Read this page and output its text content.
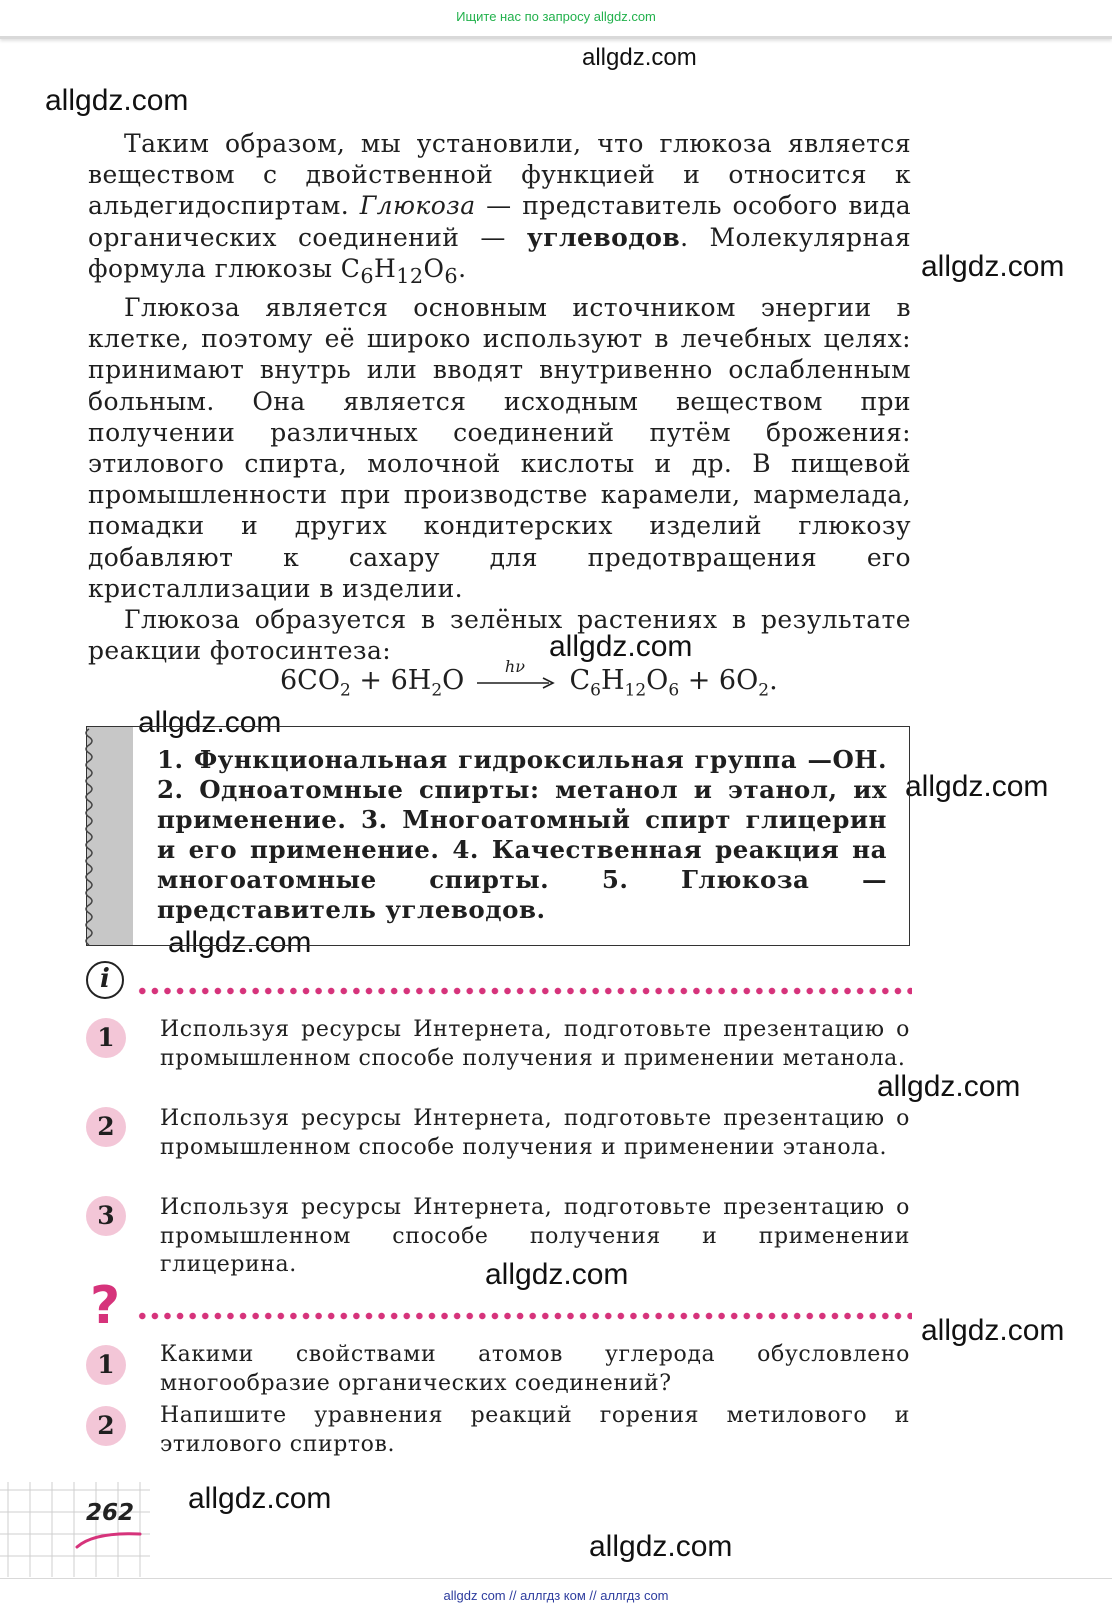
Ищите нас по запросу allgdz.com
allgdz.com
allgdz.com
allgdz.com
allgdz.com
allgdz.com
allgdz.com
allgdz.com
allgdz.com
allgdz.com
allgdz.com
allgdz.com
allgdz.com

Таким образом, мы установили, что глюкоза является веществом с двойственной функцией и относится к альдегидоспиртам. Глюкоза — представитель особого вида органических соединений — углеводов. Молекулярная формула глюкозы $C_6H_{12}O_6$.

Глюкоза является основным источником энергии в клетке, поэтому её широко используют в лечебных целях: принимают внутрь или вводят внутривенно ослабленным больным. Она является исходным веществом при получении различных соединений путём брожения: этилового спирта, молочной кислоты и др. В пищевой промышленности при производстве карамели, мармелада, помадки и других кондитерских изделий глюкозу добавляют к сахару для предотвращения его кристаллизации в изделии.

Глюкоза образуется в зелёных растениях в результате реакции фотосинтеза:

$6CO_2 + 6H_2O$	hν $C_6H_{12}O_6 + 6O_2$.
1. Функциональная гидроксильная группа —OH. 2. Одноатомные спирты: метанол и этанол, их применение. 3. Многоатомный спирт глицерин и его применение. 4. Качественная реакция на многоатомные спирты. 5. Глюкоза — представитель углеводов.
i
1	Используя ресурсы Интернета, подготовьте презентацию о промышленном способе получения и применении метанола.
2	Используя ресурсы Интернета, подготовьте презентацию о промышленном способе получения и применении этанола.
3	Используя ресурсы Интернета, подготовьте презентацию о промышленном способе получения и применении глицерина.
?
1	Какими свойствами атомов углерода обусловлено многообразие органических соединений?
2	Напишите уравнения реакций горения метилового и этилового спиртов.
262
allgdz com // аллгдз ком // аллгдз com
